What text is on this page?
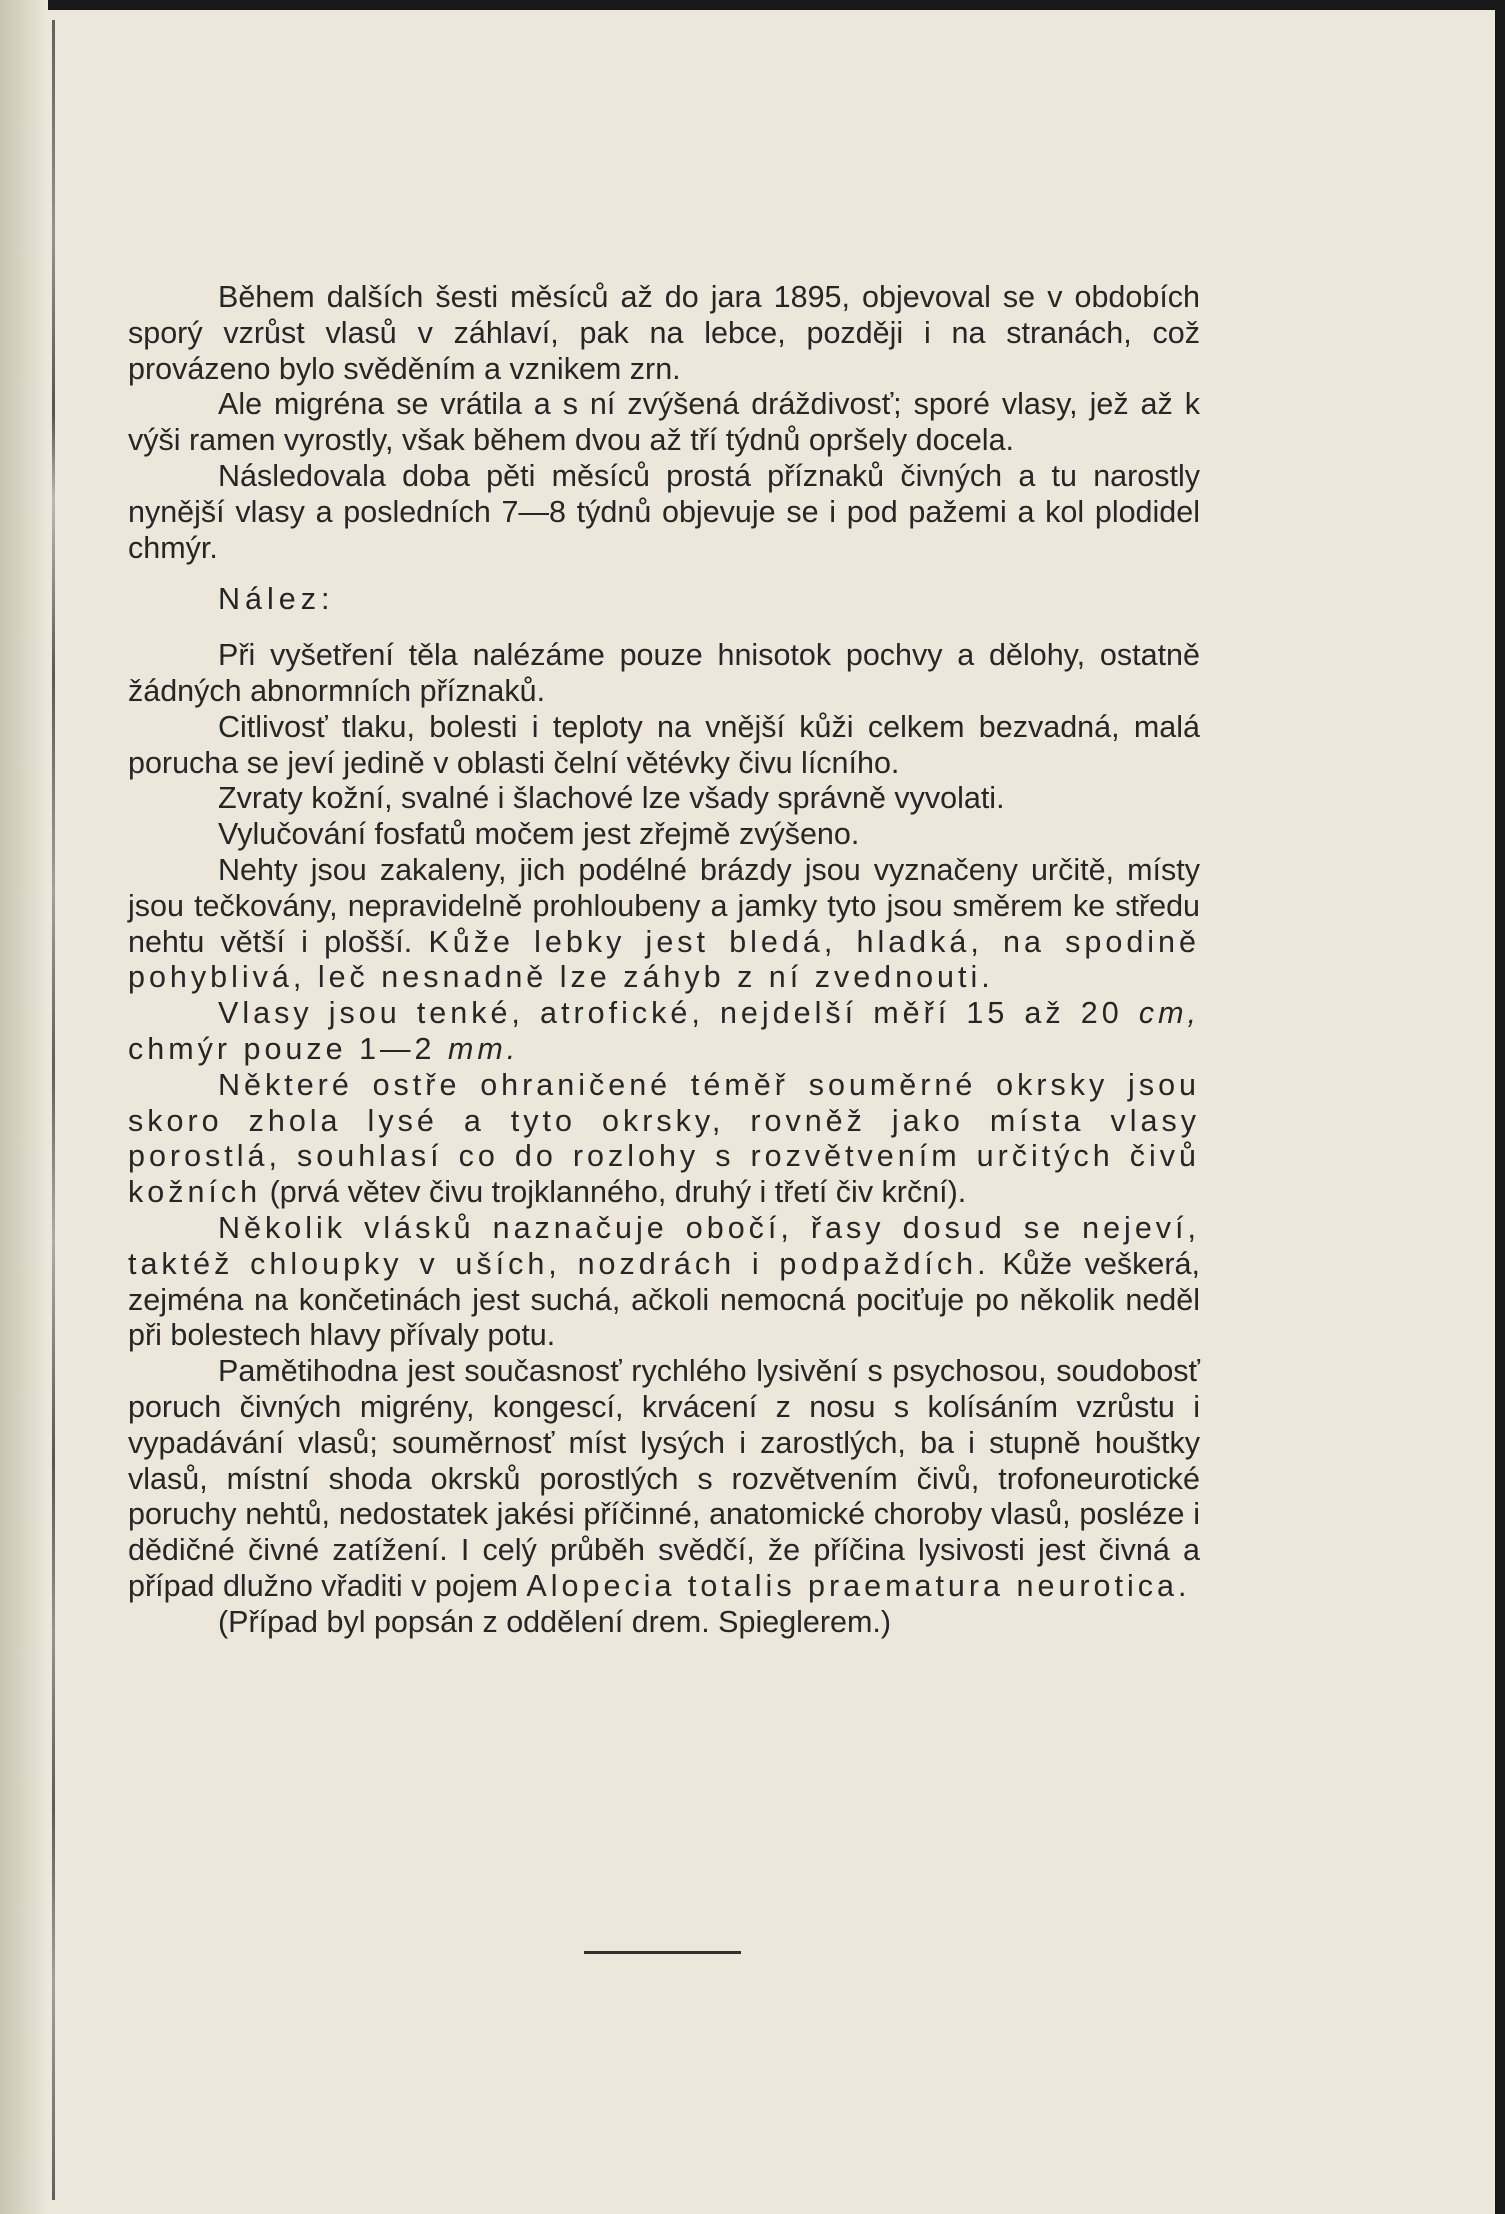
Během dalších šesti měsíců až do jara 1895, objevoval se v obdobích sporý vzrůst vlasů v záhlaví, pak na lebce, později i na stranách, což provázeno bylo svěděním a vznikem zrn.

Ale migréna se vrátila a s ní zvýšená dráždivosť; sporé vlasy, jež až k výši ramen vyrostly, však během dvou až tří týdnů opršely docela.

Následovala doba pěti měsíců prostá příznaků čivných a tu narostly nynější vlasy a posledních 7—8 týdnů objevuje se i pod pažemi a kol plodidel chmýr.

Nález:

Při vyšetření těla nalézáme pouze hnisotok pochvy a dělohy, ostatně žádných abnormních příznaků.

Citlivosť tlaku, bolesti i teploty na vnější kůži celkem bezvadná, malá porucha se jeví jedině v oblasti čelní větévky čivu lícního.

Zvraty kožní, svalné i šlachové lze všady správně vyvolati.

Vylučování fosfatů močem jest zřejmě zvýšeno.

Nehty jsou zakaleny, jich podélné brázdy jsou vyznačeny určitě, místy jsou tečkovány, nepravidelně prohloubeny a jamky tyto jsou směrem ke středu nehtu větší i plošší. Kůže lebky jest bledá, hladká, na spodině pohyblivá, leč nesnadně lze záhyb z ní zvednouti.

Vlasy jsou tenké, atrofické, nejdelší měří 15 až 20 cm, chmýr pouze 1—2 mm.

Některé ostře ohraničené téměř souměrné okrsky jsou skoro zhola lysé a tyto okrsky, rovněž jako místa vlasy porostlá, souhlasí co do rozlohy s rozvětvením určitých čivů kožních (prvá větev čivu trojklanného, druhý i třetí čiv krční).

Několik vlásků naznačuje obočí, řasy dosud se nejeví, taktéž chloupky v uších, nozdrách i podpaždích. Kůže veškerá, zejména na končetinách jest suchá, ačkoli nemocná pociťuje po několik neděl při bolestech hlavy přívaly potu.

Pamětihodna jest současnosť rychlého lysivění s psychosou, soudobosť poruch čivných migrény, kongescí, krvácení z nosu s kolísáním vzrůstu i vypadávání vlasů; souměrnosť míst lysých i zarostlých, ba i stupně houštky vlasů, místní shoda okrsků porostlých s rozvětvením čivů, trofoneurotické poruchy nehtů, nedostatek jakési příčinné, anatomické choroby vlasů, posléze i dědičné čivné zatížení. I celý průběh svědčí, že příčina lysivosti jest čivná a případ dlužno vřaditi v pojem Alopecia totalis praematura neurotica.

(Případ byl popsán z oddělení drem. Spieglerem.)
